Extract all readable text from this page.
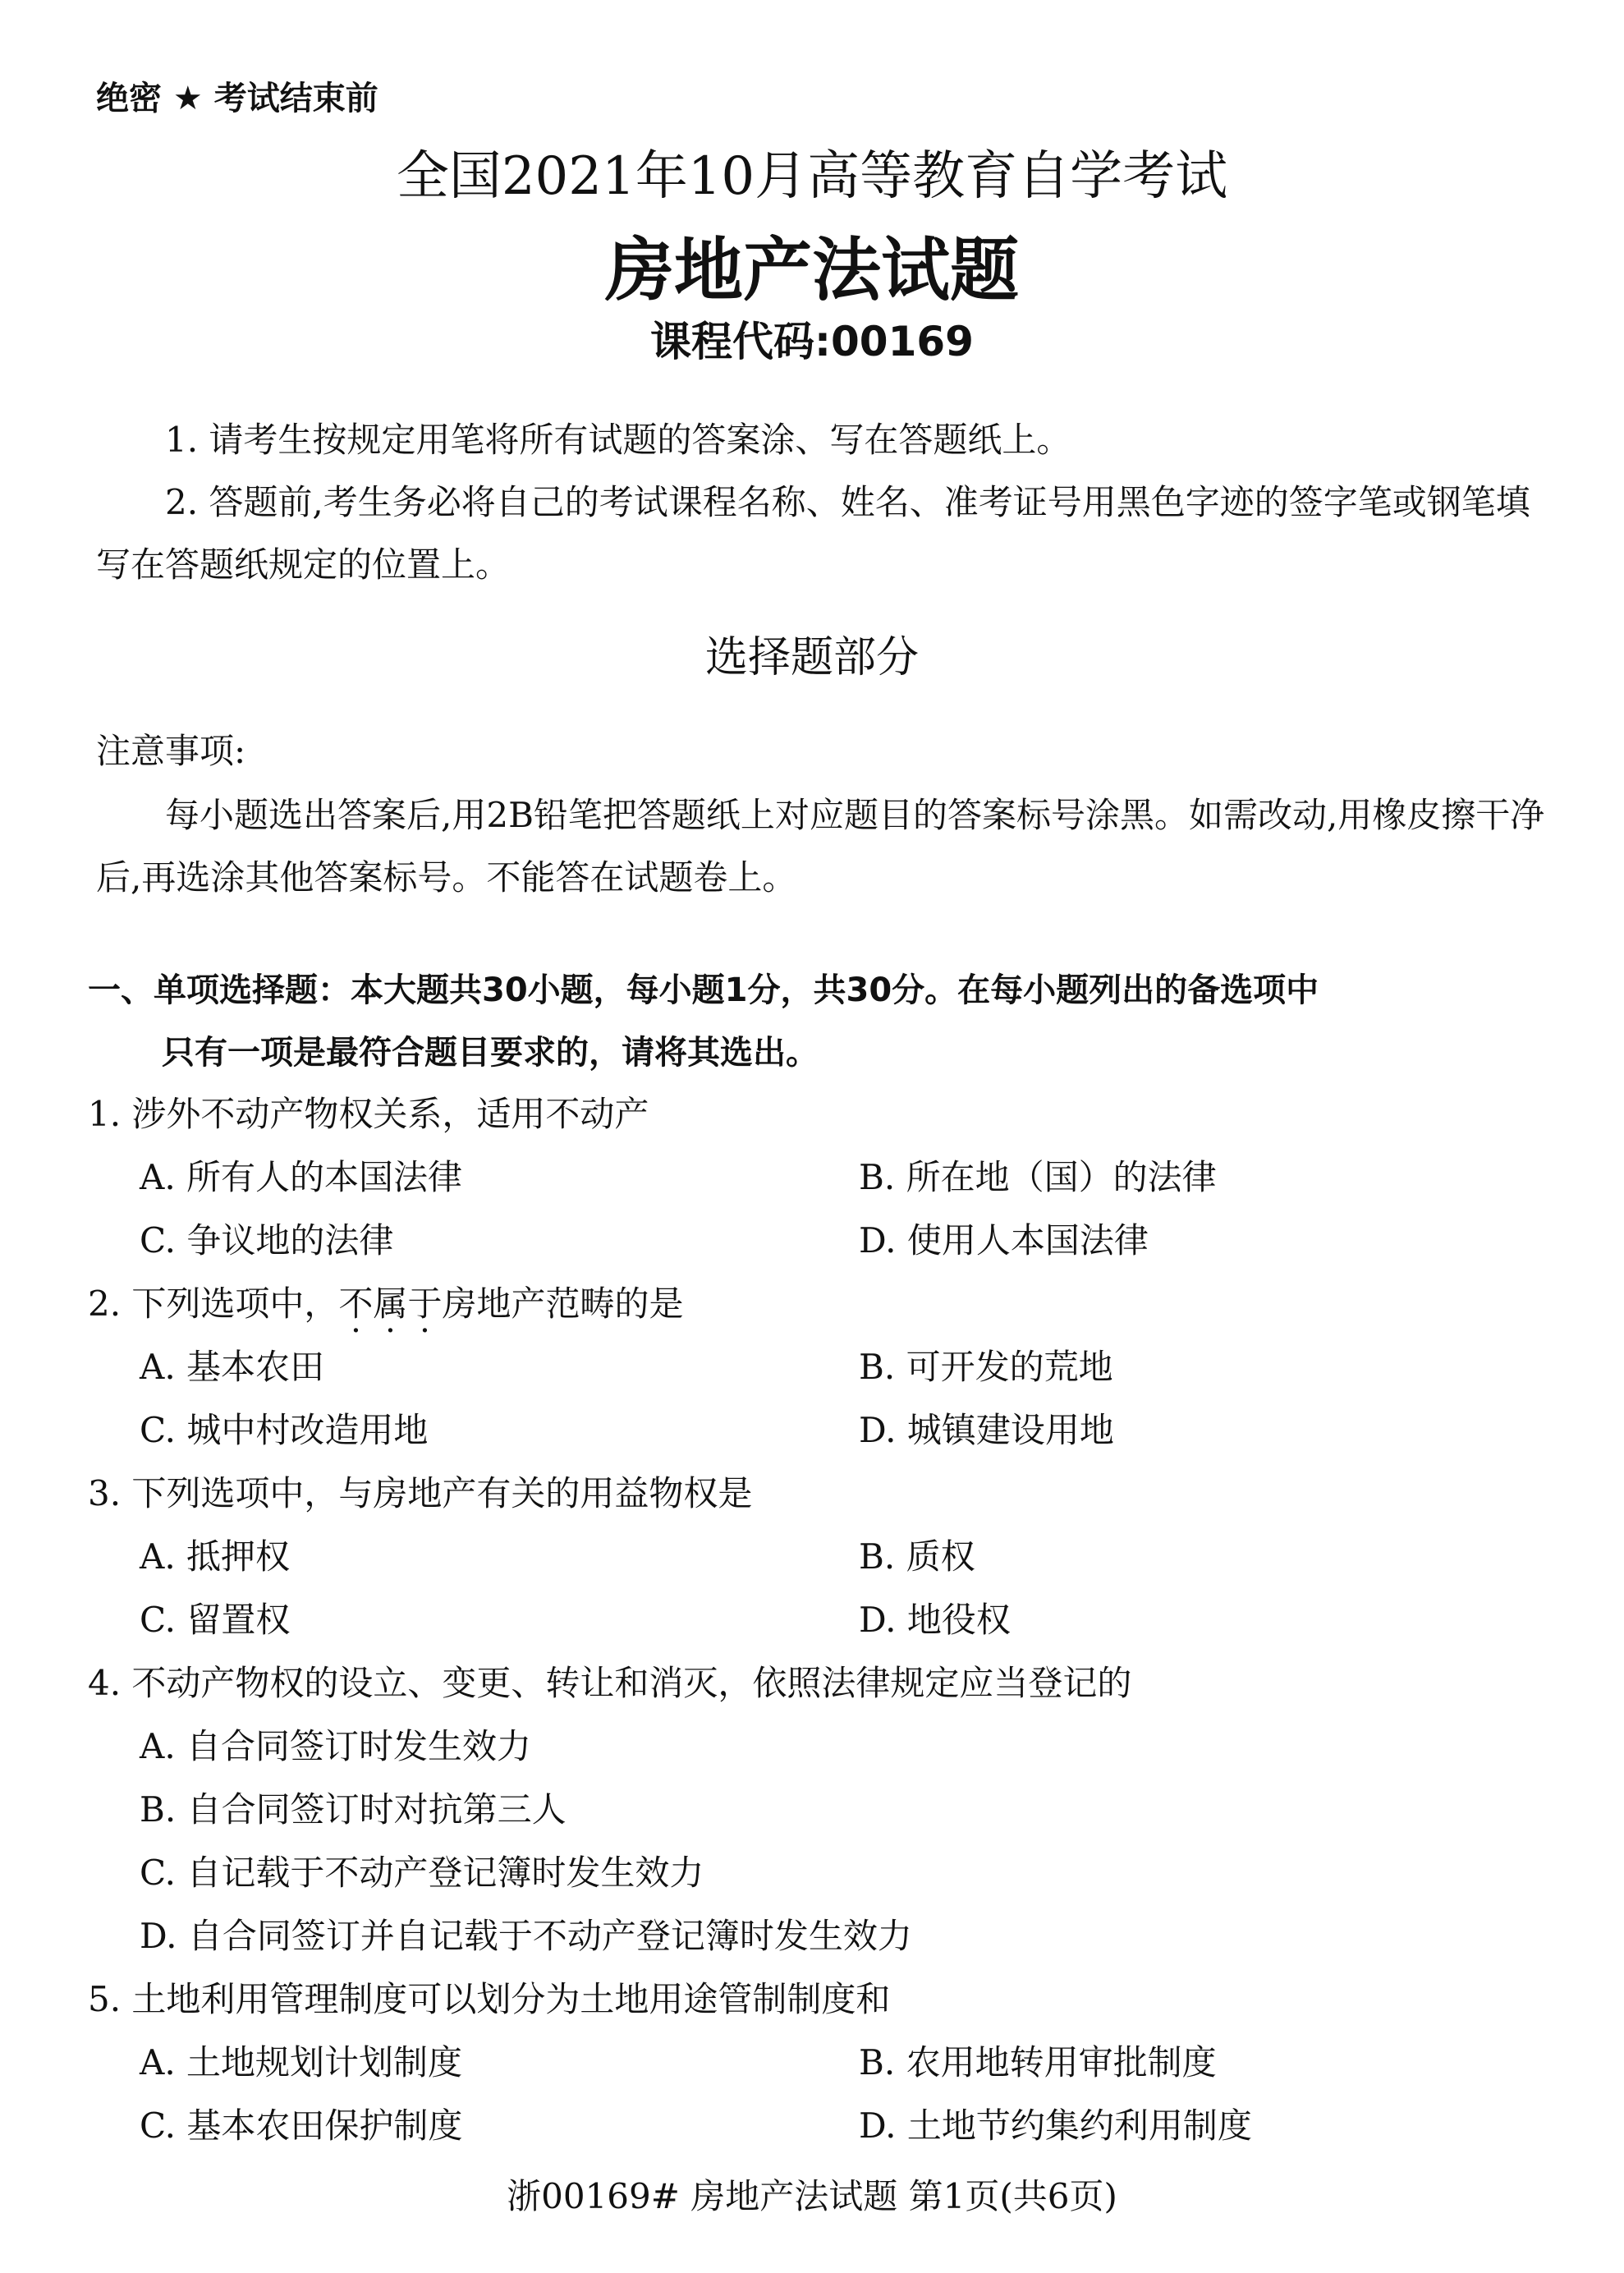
绝密 ★ 考试结束前
全国2021年10月高等教育自学考试
房地产法试题
课程代码:00169

1. 请考生按规定用笔将所有试题的答案涂、写在答题纸上。

2. 答题前,考生务必将自己的考试课程名称、姓名、准考证号用黑色字迹的签字笔或钢笔填写在答题纸规定的位置上。

选择题部分
注意事项:

每小题选出答案后,用2B铅笔把答题纸上对应题目的答案标号涂黑。如需改动,用橡皮擦干净后,再选涂其他答案标号。不能答在试题卷上。

一、单项选择题：本大题共30小题，每小题1分，共30分。在每小题列出的备选项中
只有一项是最符合题目要求的，请将其选出。
1. 涉外不动产物权关系，适用不动产
A. 所有人的本国法律	B. 所在地（国）的法律
C. 争议地的法律	D. 使用人本国法律
2. 下列选项中，不属于房地产范畴的是
A. 基本农田	B. 可开发的荒地
C. 城中村改造用地	D. 城镇建设用地
3. 下列选项中，与房地产有关的用益物权是
A. 抵押权	B. 质权
C. 留置权	D. 地役权
4. 不动产物权的设立、变更、转让和消灭，依照法律规定应当登记的
A. 自合同签订时发生效力
B. 自合同签订时对抗第三人
C. 自记载于不动产登记簿时发生效力
D. 自合同签订并自记载于不动产登记簿时发生效力
5. 土地利用管理制度可以划分为土地用途管制制度和
A. 土地规划计划制度	B. 农用地转用审批制度
C. 基本农田保护制度	D. 土地节约集约利用制度
浙00169# 房地产法试题 第1页(共6页)
